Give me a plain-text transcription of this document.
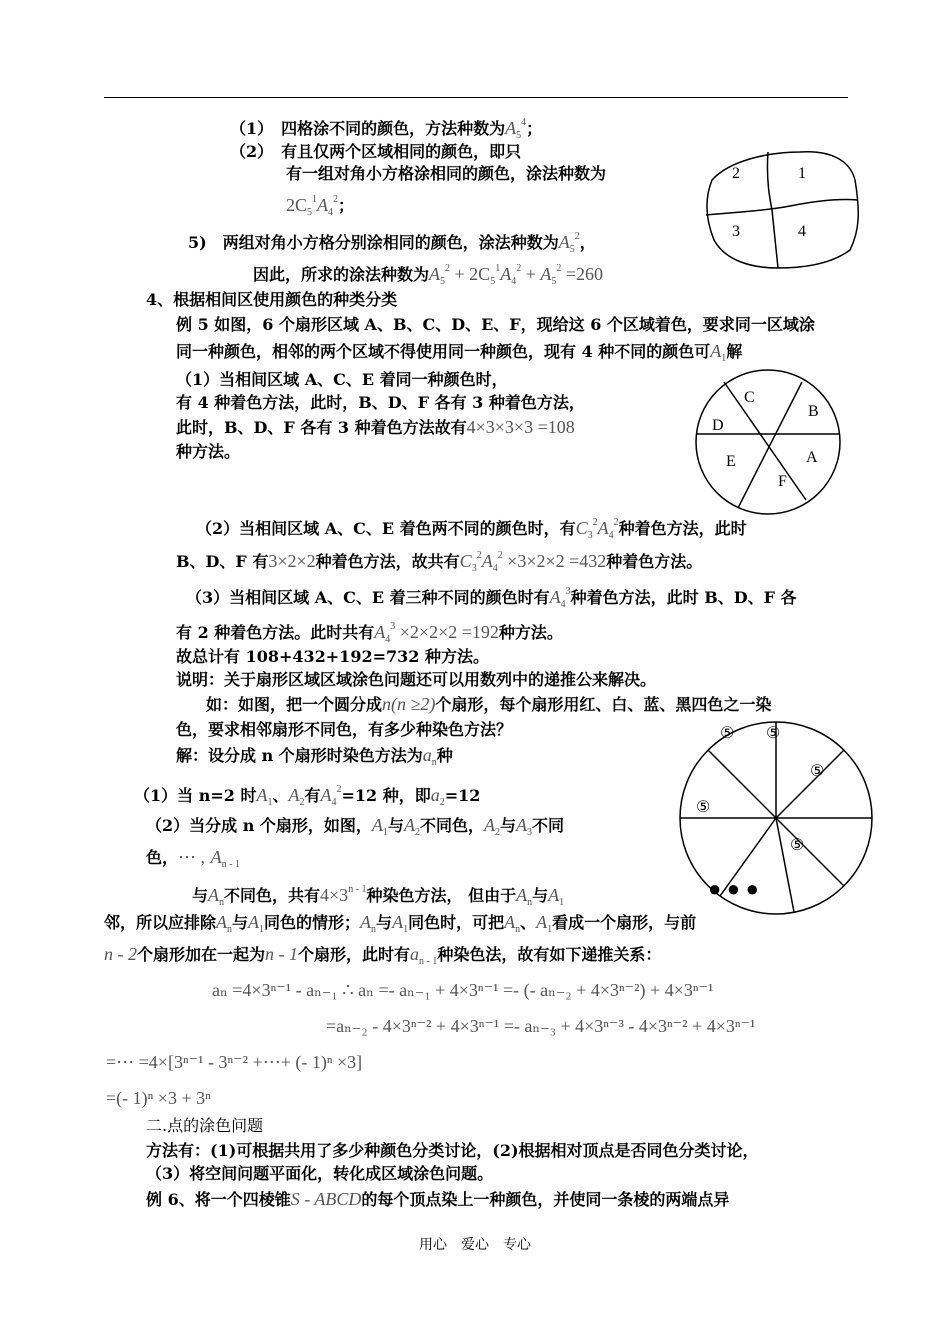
（1）　四格涂不同的颜色，方法种数为$A_5^4$；
（2）　有且仅两个区域相同的颜色，即只
有一组对角小方格涂相同的颜色，涂法种数为
$2C_5^1A_4^2$；
5)　两组对角小方格分别涂相同的颜色，涂法种数为$A_5^2$，
因此，所求的涂法种数为$A_5^2 + 2C_5^1A_4^2 + A_5^2 =260$
2	1
3	4
4、根据相间区使用颜色的种类分类
例 5 如图，6 个扇形区域 A、B、C、D、E、F，现给这 6 个区域着色，要求同一区域涂
同一种颜色，相邻的两个区域不得使用同一种颜色，现有 4 种不同的颜色可$A_1$解
（1）当相间区域 A、C、E 着同一种颜色时，
有 4 种着色方法，此时，B、D、F 各有 3 种着色方法，
此时，B、D、F 各有 3 种着色方法故有4×3×3×3 =108
种方法。
C
B
D
A
E
F
（2）当相间区域 A、C、E 着色两不同的颜色时，有$C_3^2A_4^2$种着色方法，此时
B、D、F 有3×2×2种着色方法，故共有$C_3^2A_4^2 \times 3\times 2\times 2 =432$种着色方法。
（3）当相间区域 A、C、E 着三种不同的颜色时有$A_4^3$种着色方法，此时 B、D、F 各
有 2 种着色方法。此时共有$A_4^3 \times 2\times 2\times 2 =192$种方法。
故总计有 108+432+192=732 种方法。
说明：关于扇形区域区域涂色问题还可以用数列中的递推公来解决。
如：如图，把一个圆分成n(n ≥2)个扇形，每个扇形用红、白、蓝、黑四色之一染
色，要求相邻扇形不同色，有多少种染色方法？
解：设分成 n 个扇形时染色方法为$a_n$种
⑤ ⑤
⑤
⑤
⑤
● ● ●
（1）当 n=2 时$A_1$、$A_2$有$A_4^2=12$ 种，即$a_2=12$
（2）当分成 n 个扇形，如图，$A_1$与$A_2$不同色，$A_2$与$A_3$不同
色，⋯ , $A_{n - 1}$
与$A_n$不同色，共有$4\times 3^{n - 1}$种染色方法， 但由于$A_n$与$A_1$
邻，所以应排除$A_n$与$A_1$同色的情形；$A_n$与$A_1$同色时，可把$A_n$、$A_1$看成一个扇形，与前
n - 2个扇形加在一起为n - 1个扇形，此时有$a_{n - 1}$种染色法，故有如下递推关系：
aₙ =4×3ⁿ⁻¹ - aₙ₋₁ ∴ aₙ =- aₙ₋₁ + 4×3ⁿ⁻¹ =- (- aₙ₋₂ + 4×3ⁿ⁻²) + 4×3ⁿ⁻¹
=aₙ₋₂ - 4×3ⁿ⁻² + 4×3ⁿ⁻¹ =- aₙ₋₃ + 4×3ⁿ⁻³ - 4×3ⁿ⁻² + 4×3ⁿ⁻¹
=⋯ =4×[3ⁿ⁻¹ - 3ⁿ⁻² +⋯+ (- 1)ⁿ ×3]
=(- 1)ⁿ ×3 + 3ⁿ
二.点的涂色问题
方法有：(1)可根据共用了多少种颜色分类讨论，(2)根据相对顶点是否同色分类讨论，
（3）将空间问题平面化，转化成区域涂色问题。
例 6、将一个四棱锥S - ABCD的每个顶点染上一种颜色，并使同一条棱的两端点异
用心　爱心　专心
